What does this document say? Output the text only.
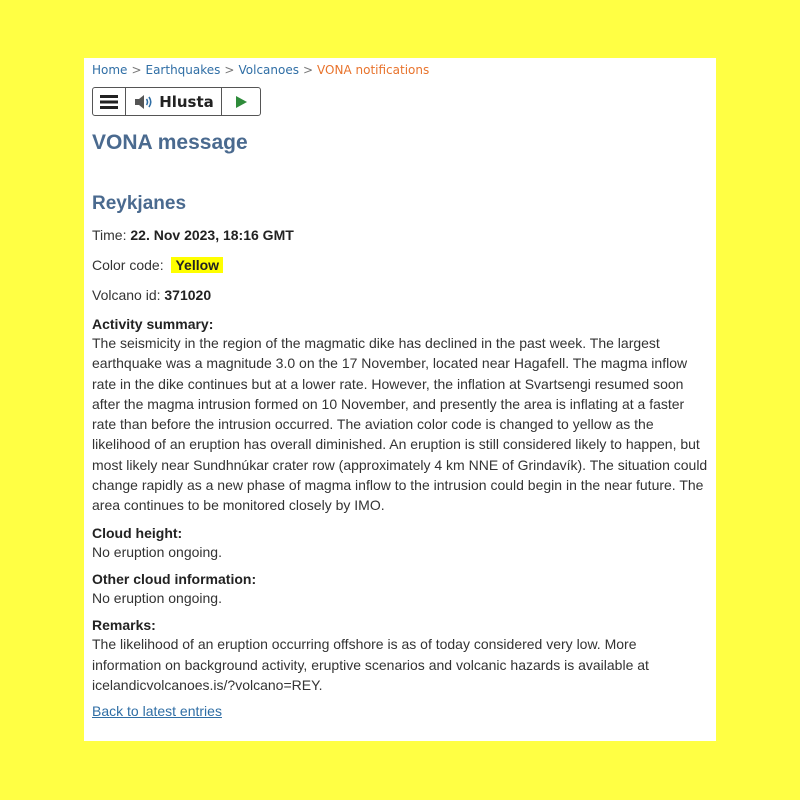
Home > Earthquakes > Volcanoes > VONA notifications
Hlusta
VONA message
Reykjanes
Time: 22. Nov 2023, 18:16 GMT
Color code: Yellow
Volcano id: 371020
Activity summary:
The seismicity in the region of the magmatic dike has declined in the past week. The largest earthquake was a magnitude 3.0 on the 17 November, located near Hagafell. The magma inflow rate in the dike continues but at a lower rate. However, the inflation at Svartsengi resumed soon after the magma intrusion formed on 10 November, and presently the area is inflating at a faster rate than before the intrusion occurred. The aviation color code is changed to yellow as the likelihood of an eruption has overall diminished. An eruption is still considered likely to happen, but most likely near Sundhnúkar crater row (approximately 4 km NNE of Grindavík). The situation could change rapidly as a new phase of magma inflow to the intrusion could begin in the near future. The area continues to be monitored closely by IMO.
Cloud height:
No eruption ongoing.
Other cloud information:
No eruption ongoing.
Remarks:
The likelihood of an eruption occurring offshore is as of today considered very low. More information on background activity, eruptive scenarios and volcanic hazards is available at icelandicvolcanoes.is/?volcano=REY.
Back to latest entries
